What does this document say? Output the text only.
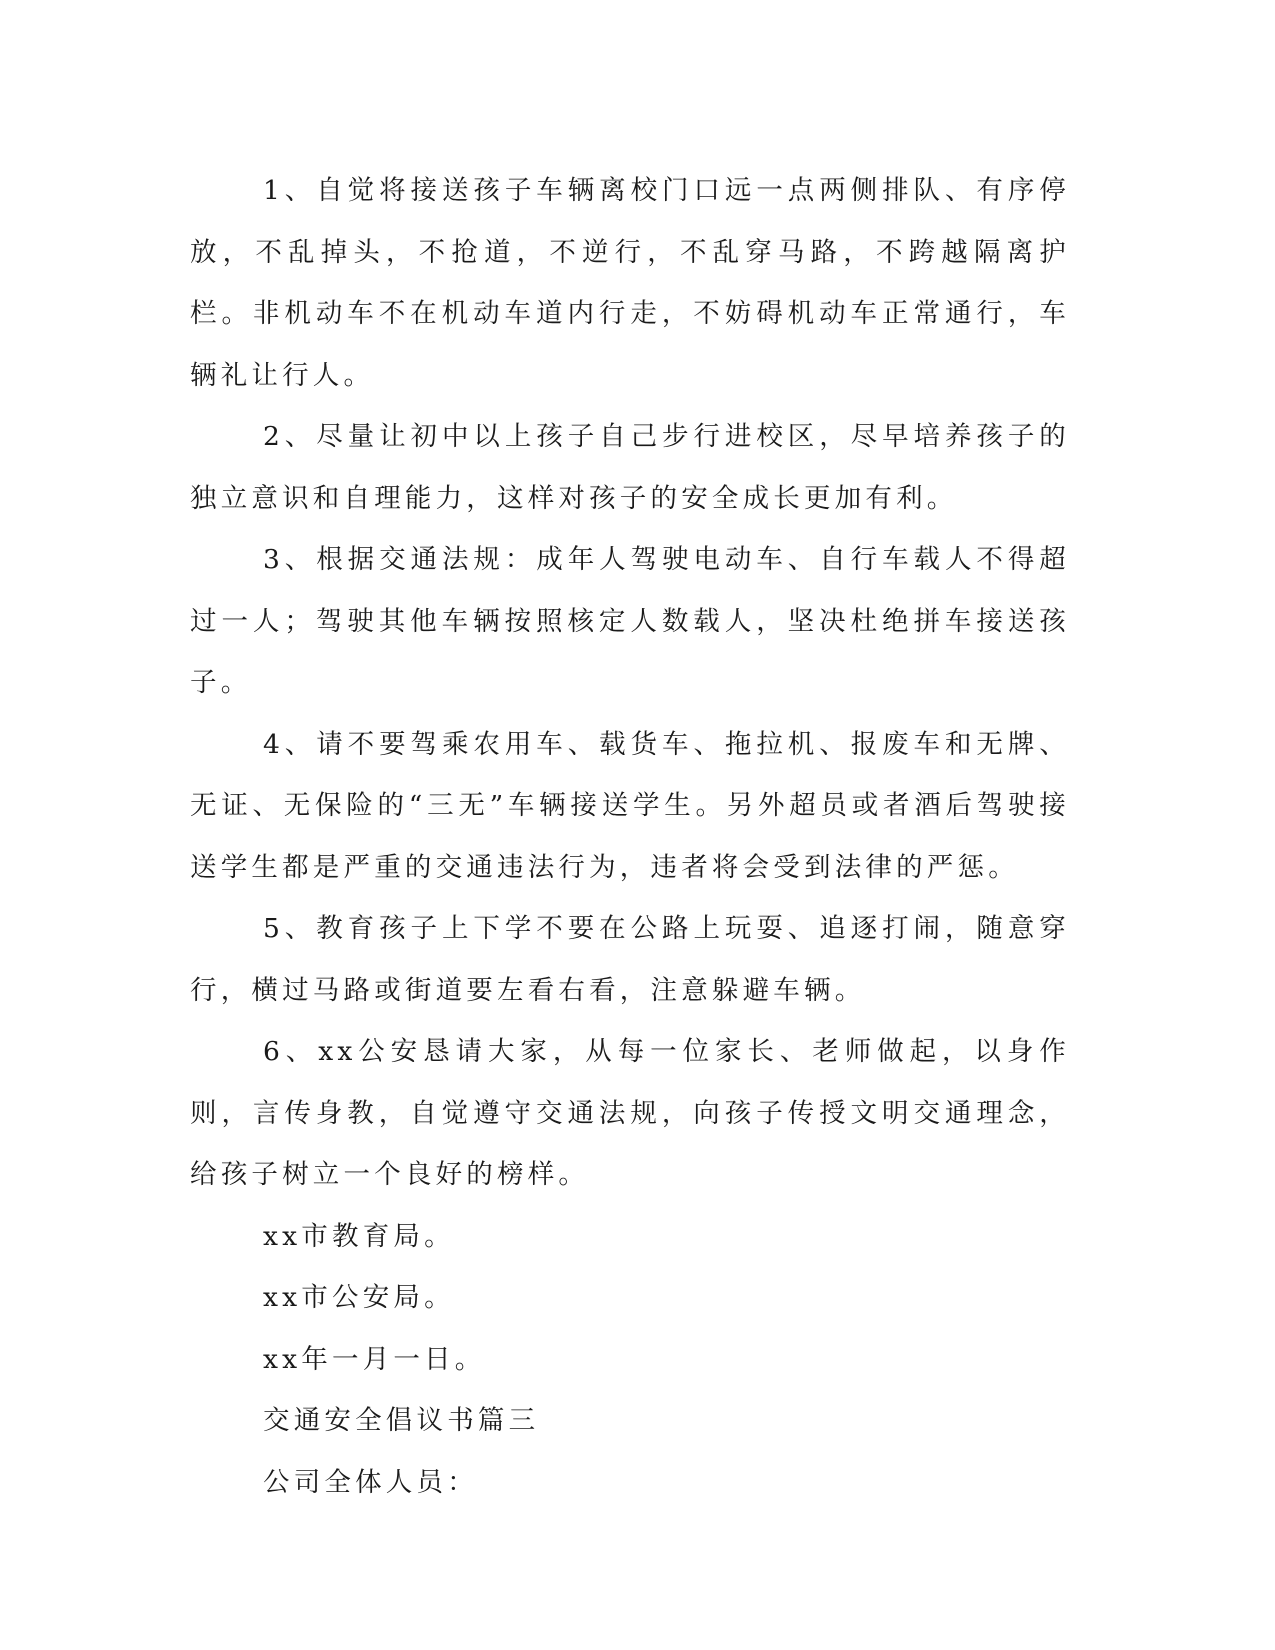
1、自觉将接送孩子车辆离校门口远一点两侧排队、有序停放，不乱掉头，不抢道，不逆行，不乱穿马路，不跨越隔离护栏。非机动车不在机动车道内行走，不妨碍机动车正常通行，车辆礼让行人。

2、尽量让初中以上孩子自己步行进校区，尽早培养孩子的独立意识和自理能力，这样对孩子的安全成长更加有利。

3、根据交通法规：成年人驾驶电动车、自行车载人不得超过一人；驾驶其他车辆按照核定人数载人，坚决杜绝拼车接送孩子。

4、请不要驾乘农用车、载货车、拖拉机、报废车和无牌、无证、无保险的“三无”车辆接送学生。另外超员或者酒后驾驶接送学生都是严重的交通违法行为，违者将会受到法律的严惩。

5、教育孩子上下学不要在公路上玩耍、追逐打闹，随意穿行，横过马路或街道要左看右看，注意躲避车辆。

6、xx公安恳请大家，从每一位家长、老师做起，以身作则，言传身教，自觉遵守交通法规，向孩子传授文明交通理念，给孩子树立一个良好的榜样。

xx市教育局。

xx市公安局。

xx年一月一日。

交通安全倡议书篇三

公司全体人员：
